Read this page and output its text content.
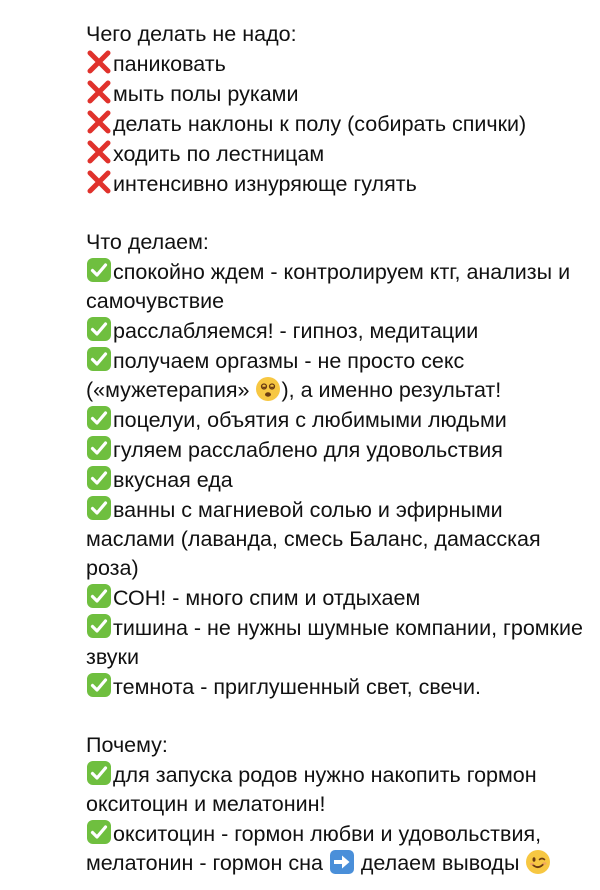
Чего делать не надо:
паниковать
мыть полы руками
делать наклоны к полу (собирать спички)
ходить по лестницам
интенсивно изнуряюще гулять
Что делаем:
спокойно ждем - контролируем ктг, анализы и самочувствие
расслабляемся! - гипноз, медитации
получаем оргазмы - не просто секс («мужетерапия»
), а именно результат!
поцелуи, объятия с любимыми людьми
гуляем расслаблено для удовольствия
вкусная еда
ванны с магниевой солью и эфирными маслами (лаванда, смесь Баланс, дамасская роза)
СОН! - много спим и отдыхаем
тишина - не нужны шумные компании, громкие звуки
темнота - приглушенный свет, свечи.
Почему:
для запуска родов нужно накопить гормон окситоцин и мелатонин!
окситоцин - гормон любви и удовольствия, мелатонин - гормон сна
делаем выводы
